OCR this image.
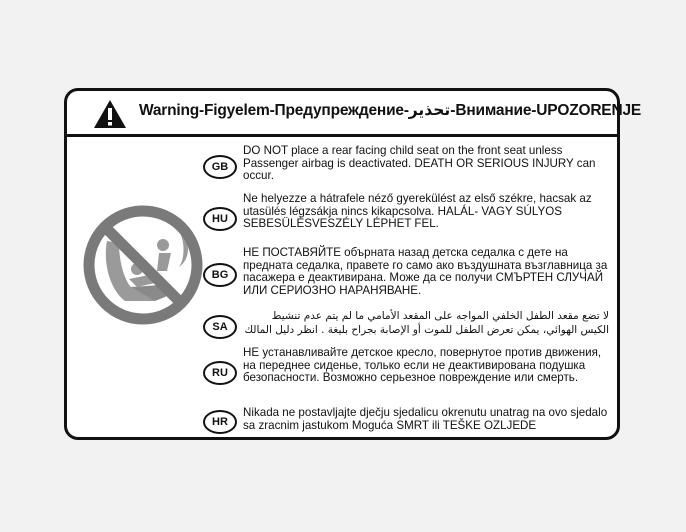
Warning-Figyelem-Предупреждение-تحذير-Внимание-UPOZORENJE
GB
DO NOT place a rear facing child seat on the front seat unless Passenger airbag is deactivated. DEATH OR SERIOUS INJURY can occur.
HU
Ne helyezze a hátrafele néző gyerekülést az első székre, hacsak az utasülés légzsákja nincs kikapcsolva. HALÁL- VAGY SÚLYOS SEBESÜLÉSVESZÉLY LÉPHET FEL.
BG
НЕ ПОСТАВЯЙТЕ обърната назад детска седалка с дете на предната седалка, правете го само ако въздушната възглавница за пасажера е деактивирана. Може да се получи СМЪРТЕН СЛУЧАЙ ИЛИ СЕРИОЗНО НАРАНЯВАНЕ.
SA
لا تضع مقعد الطفل الخلفي المواجه على المقعد الأمامي ما لم يتم عدم تنشيط الكيس الهوائي، يمكن تعرض الطفل للموت أو الإصابة بجراح بليغة . انظر دليل المالك
RU
НЕ устанавливайте детское кресло, повернутое против движения, на переднее сиденье, только если не деактивирована подушка безопасности. Возможно серьезное повреждение или смерть.
HR
Nikada ne postavljajte dječju sjedalicu okrenutu unatrag na ovo sjedalo sa zracnim jastukom Moguća SMRT ili TEŠKE OZLJEDE
